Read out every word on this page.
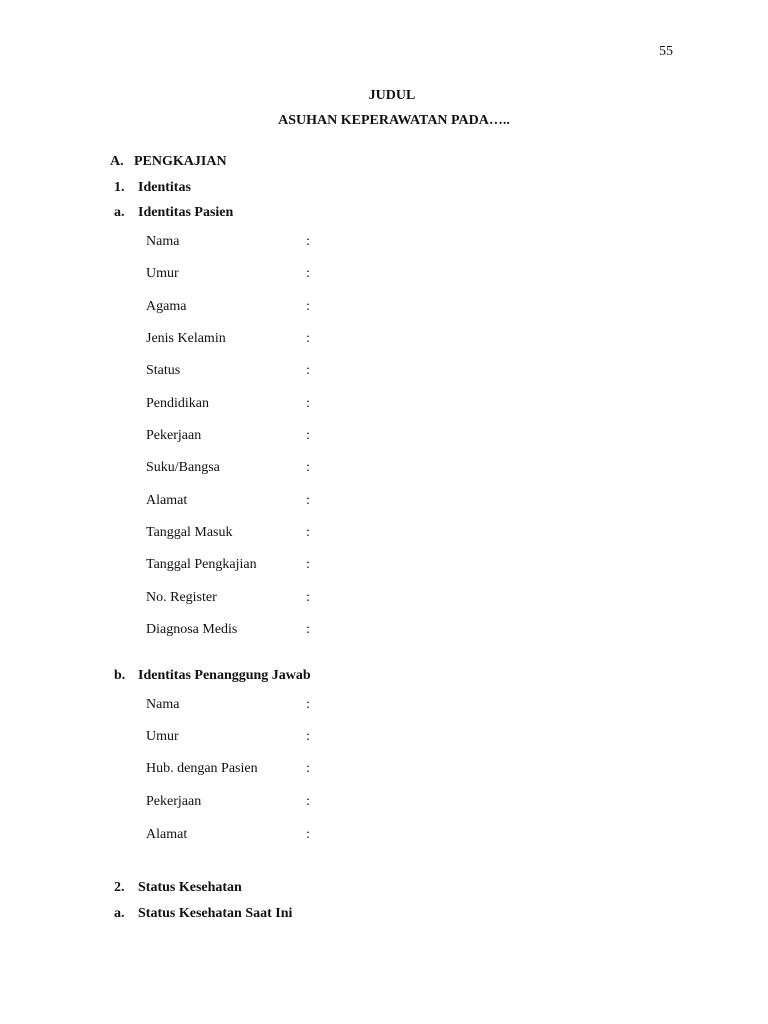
55
JUDUL
ASUHAN KEPERAWATAN PADA…..
A. PENGKAJIAN
1. Identitas
a. Identitas Pasien
Nama	:
Umur	:
Agama	:
Jenis Kelamin	:
Status	:
Pendidikan	:
Pekerjaan	:
Suku/Bangsa	:
Alamat	:
Tanggal Masuk	:
Tanggal Pengkajian	:
No. Register	:
Diagnosa Medis	:
b. Identitas Penanggung Jawab
Nama	:
Umur	:
Hub. dengan Pasien	:
Pekerjaan	:
Alamat	:
2. Status Kesehatan
a. Status Kesehatan Saat Ini
